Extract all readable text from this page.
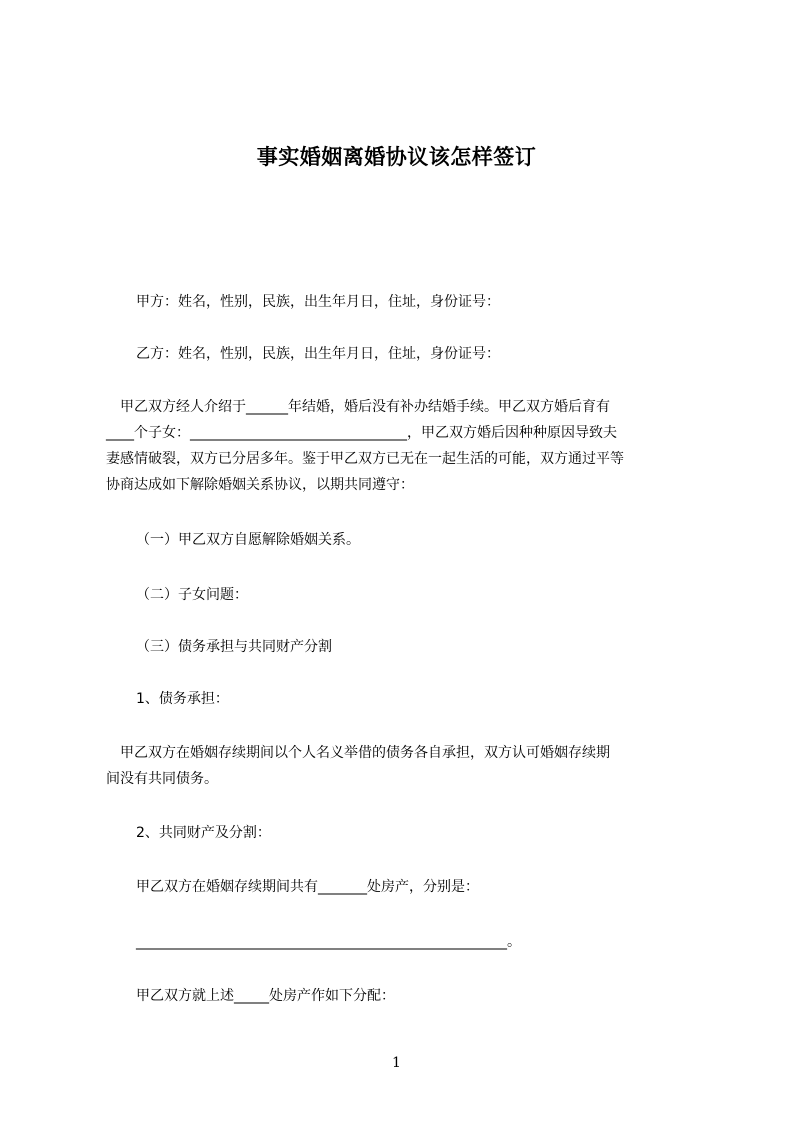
事实婚姻离婚协议该怎样签订
甲方：姓名，性别，民族，出生年月日，住址，身份证号：
乙方：姓名，性别，民族，出生年月日，住址，身份证号：
　甲乙双方经人介绍于______年结婚，婚后没有补办结婚手续。甲乙双方婚后育有
____个子女：_______________________________，甲乙双方婚后因种种原因导致夫
妻感情破裂，双方已分居多年。鉴于甲乙双方已无在一起生活的可能，双方通过平等
协商达成如下解除婚姻关系协议，以期共同遵守：
（一）甲乙双方自愿解除婚姻关系。
（二）子女问题：
（三）债务承担与共同财产分割
1、债务承担：
　甲乙双方在婚姻存续期间以个人名义举借的债务各自承担，双方认可婚姻存续期
间没有共同债务。
2、共同财产及分割：
甲乙双方在婚姻存续期间共有_______处房产，分别是：
_____________________________________________________。
甲乙双方就上述_____处房产作如下分配：
1
